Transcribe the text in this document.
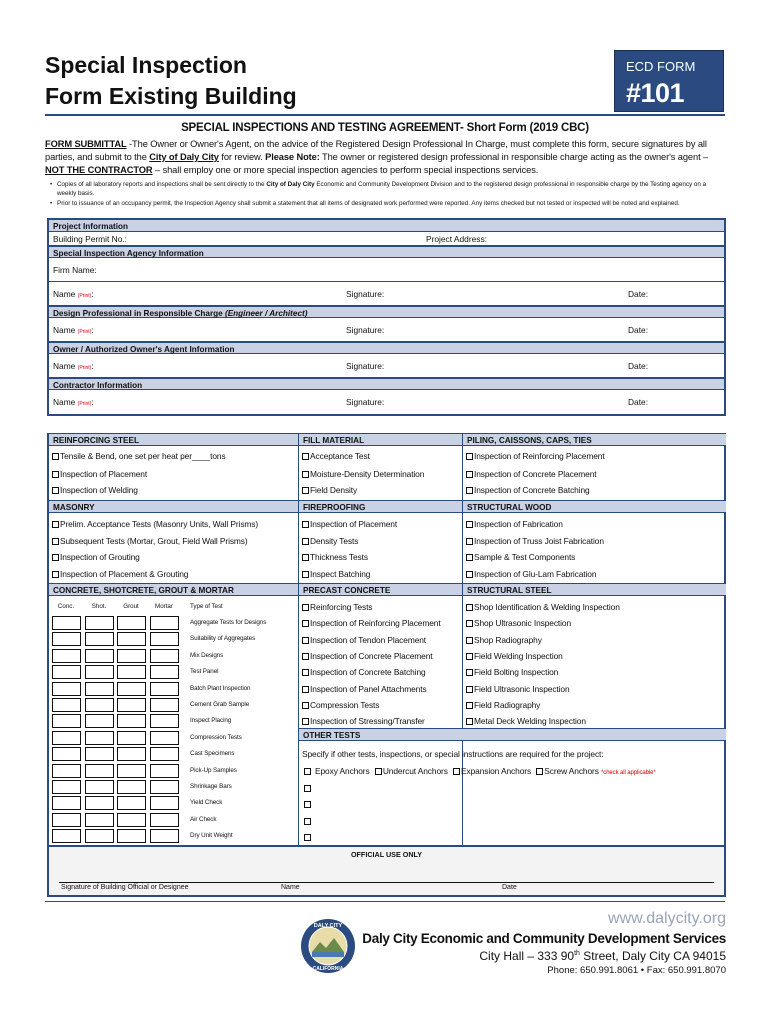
Special Inspection
Form Existing Building
ECD FORM
#101
SPECIAL INSPECTIONS AND TESTING AGREEMENT- Short Form (2019 CBC)
FORM SUBMITTAL -The Owner or Owner's Agent, on the advice of the Registered Design Professional In Charge, must complete this form, secure signatures by all parties, and submit to the City of Daly City for review. Please Note: The owner or registered design professional in responsible charge acting as the owner's agent – NOT THE CONTRACTOR – shall employ one or more special inspection agencies to perform special inspections services.
• Copies of all laboratory reports and inspections shall be sent directly to the City of Daly City Economic and Community Development Division and to the registered design professional in responsible charge by the Testing agency on a weekly basis.
• Prior to issuance of an occupancy permit, the Inspection Agency shall submit a statement that all items of designated work performed were reported. Any items checked but not tested or inspected will be noted and explained.
Project Information
Building Permit No.:	Project Address:
Special Inspection Agency Information
Firm Name:
Name (Print):	Signature:	Date:
Design Professional in Responsible Charge (Engineer / Architect)
Name (Print):	Signature:	Date:
Owner / Authorized Owner's Agent Information
Name (Print):	Signature:	Date:
Contractor Information
Name (Print):	Signature:	Date:
REINFORCING STEEL
Tensile & Bend, one set per heat per____tons
Inspection of Placement
Inspection of Welding
MASONRY
Prelim. Acceptance Tests (Masonry Units, Wall Prisms)
Subsequent Tests (Mortar, Grout, Field Wall Prisms)
Inspection of Grouting
Inspection of Placement & Grouting
CONCRETE, SHOTCRETE, GROUT & MORTAR
FILL MATERIAL
Acceptance Test
Moisture-Density Determination
Field Density
FIREPROOFING
Inspection of Placement
Density Tests
Thickness Tests
Inspect Batching
PRECAST CONCRETE
OTHER TESTS
Specify if other tests, inspections, or special instructions are required for the project:
Epoxy Anchors Undercut Anchors Expansion Anchors Screw Anchors *check all applicable*
PILING, CAISSONS, CAPS, TIES
Inspection of Reinforcing Placement
Inspection of Concrete Placement
Inspection of Concrete Batching
STRUCTURAL WOOD
Inspection of Fabrication
Inspection of Truss Joist Fabrication
Sample & Test Components
Inspection of Glu-Lam Fabrication
STRUCTURAL STEEL
Reinforcing Tests
Inspection of Reinforcing Placement
Inspection of Tendon Placement
Inspection of Concrete Placement
Inspection of Concrete Batching
Inspection of Panel Attachments
Compression Tests
Inspection of Stressing/Transfer
Shop Identification & Welding Inspection
Shop Ultrasonic Inspection
Shop Radiography
Field Welding Inspection
Field Bolting Inspection
Field Ultrasonic Inspection
Field Radiography
Metal Deck Welding Inspection
Conc.	Shot.	Grout	Mortar	Type of Test
Aggregate Tests for Designs
Suitability of Aggregates
Mix Designs
Test Panel
Batch Plant Inspection
Cement Grab Sample
Inspect Placing
Compression Tests
Cast Specimens
Pick-Up Samples
Shrinkage Bars
Yield Check
Air Check
Dry Unit Weight
OFFICIAL USE ONLY
Signature of Building Official or Designee	Name	Date
DALY CITY
CALIFORNIA
www.dalycity.org
Daly City Economic and Community Development Services
City Hall – 333 90th Street, Daly City CA 94015
Phone: 650.991.8061 • Fax: 650.991.8070
